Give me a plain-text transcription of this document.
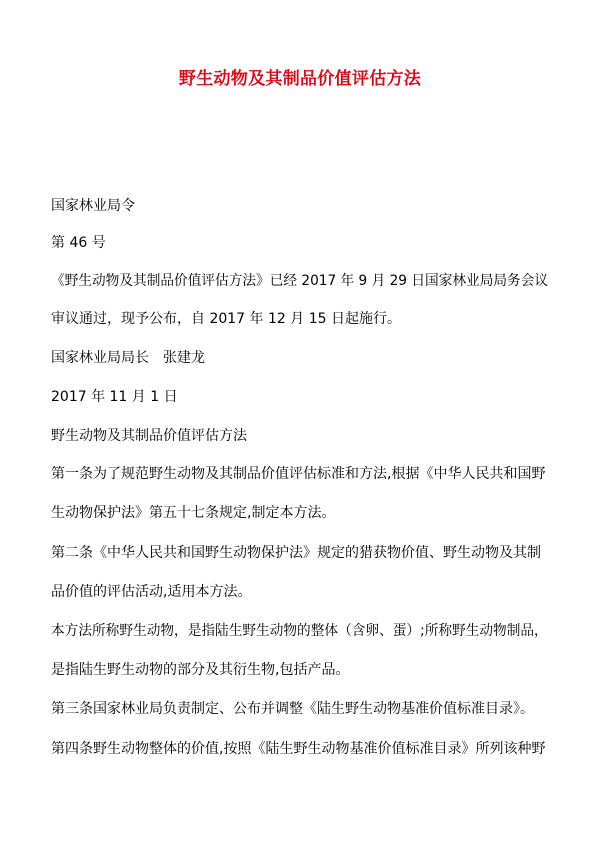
野生动物及其制品价值评估方法
国家林业局令
第 46 号
《野生动物及其制品价值评估方法》已经 2017 年 9 月 29 日国家林业局局务会议
审议通过，现予公布，自 2017 年 12 月 15 日起施行。
国家林业局局长　张建龙
2017 年 11 月 1 日
野生动物及其制品价值评估方法
第一条为了规范野生动物及其制品价值评估标准和方法,根据《中华人民共和国野
生动物保护法》第五十七条规定,制定本方法。
第二条《中华人民共和国野生动物保护法》规定的猎获物价值、野生动物及其制
品价值的评估活动,适用本方法。
本方法所称野生动物，是指陆生野生动物的整体（含卵、蛋）;所称野生动物制品，
是指陆生野生动物的部分及其衍生物,包括产品。
第三条国家林业局负责制定、公布并调整《陆生野生动物基准价值标准目录》。
第四条野生动物整体的价值,按照《陆生野生动物基准价值标准目录》所列该种野
